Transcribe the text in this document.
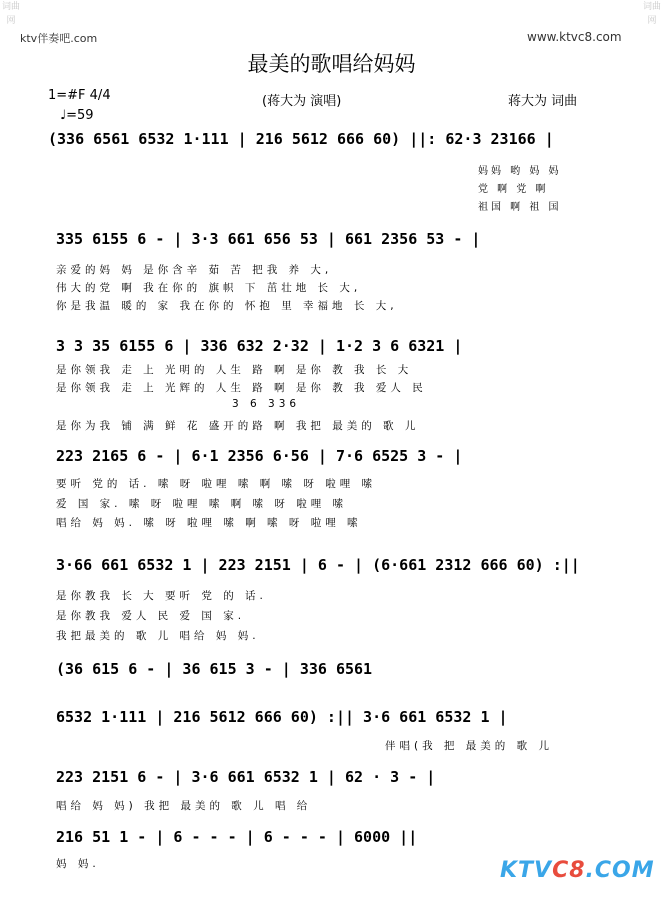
词曲网
词曲网
ktv伴奏吧.com	www.ktvc8.com
最美的歌唱给妈妈
1=#F 4/4
♩=59
(蒋大为 演唱)	蒋大为 词曲
(336 6561 6532 1·111 | 216 5612 666 60) ||: 62·3 23166 |
妈妈 哟 妈 妈
党 啊 党 啊
祖国 啊 祖 国
335 6155 6 - | 3·3 661 656 53 | 661 2356 53 - |
亲爱的妈 妈 是你含辛 茹 苦 把我 养 大,
伟大的党 啊 我在你的 旗帜 下 茁壮地 长 大,
你是我温 暖的 家 我在你的 怀抱 里 幸福地 长 大,
3 3 35 6155 6 | 336 632 2·32 | 1·2 3 6 6321 |
是你领我 走 上 光明的 人生 路 啊 是你 教 我 长 大
是你领我 走 上 光辉的 人生 路 啊 是你 教 我 爱人 民
3 6 336
是你为我 铺 满 鲜 花 盛开的路 啊 我把 最美的 歌 儿
223 2165 6 - | 6·1 2356 6·56 | 7·6 6525 3 - |
要听 党的 话. 嗦 呀 啦哩 嗦 啊 嗦 呀 啦哩 嗦
爱 国 家. 嗦 呀 啦哩 嗦 啊 嗦 呀 啦哩 嗦
唱给 妈 妈. 嗦 呀 啦哩 嗦 啊 嗦 呀 啦哩 嗦
3·66 661 6532 1 | 223 2151 | 6 - | (6·661 2312 666 60) :||
是你教我 长 大 要听 党 的 话.
是你教我 爱人 民 爱 国 家.
我把最美的 歌 儿 唱给 妈 妈.
(36 615 6 - | 36 615 3 - | 336 6561
6532 1·111 | 216 5612 666 60) :|| 3·6 661 6532 1 |
伴唱(我 把 最美的 歌 儿
223 2151 6 - | 3·6 661 6532 1 | 62 · 3 - |
唱给 妈 妈) 我把 最美的 歌 儿 唱 给
216 51 1 - | 6 - - - | 6 - - - | 6000 ||
妈 妈.	KTVC8.COM
